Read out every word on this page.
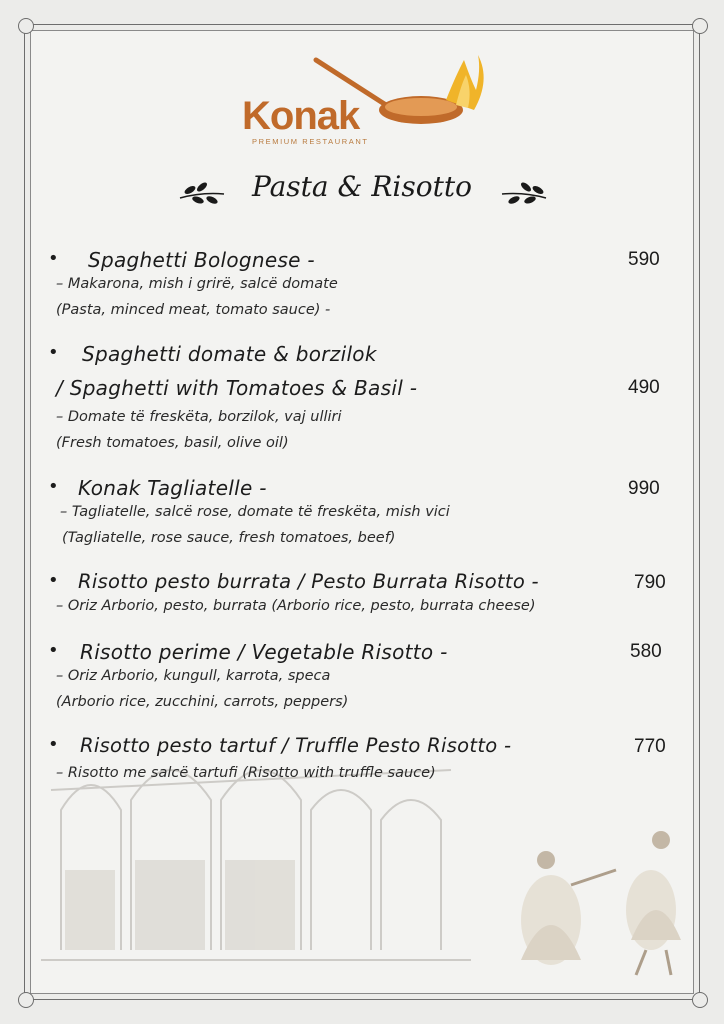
Konak
PREMIUM RESTAURANT
Pasta & Risotto
• Spaghetti Bolognese -	590
– Makarona, mish i grirë, salcë domate
(Pasta, minced meat, tomato sauce) -
• Spaghetti domate & borzilok
/ Spaghetti with Tomatoes & Basil -	490
– Domate të freskëta, borzilok, vaj ulliri
(Fresh tomatoes, basil, olive oil)
• Konak Tagliatelle -	990
– Tagliatelle, salcë rose, domate të freskëta, mish vici
(Tagliatelle, rose sauce, fresh tomatoes, beef)
• Risotto pesto burrata / Pesto Burrata Risotto -	790
– Oriz Arborio, pesto, burrata (Arborio rice, pesto, burrata cheese)
• Risotto perime / Vegetable Risotto -	580
– Oriz Arborio, kungull, karrota, speca
(Arborio rice, zucchini, carrots, peppers)
• Risotto pesto tartuf / Truffle Pesto Risotto -	770
– Risotto me salcë tartufi (Risotto with truffle sauce)
